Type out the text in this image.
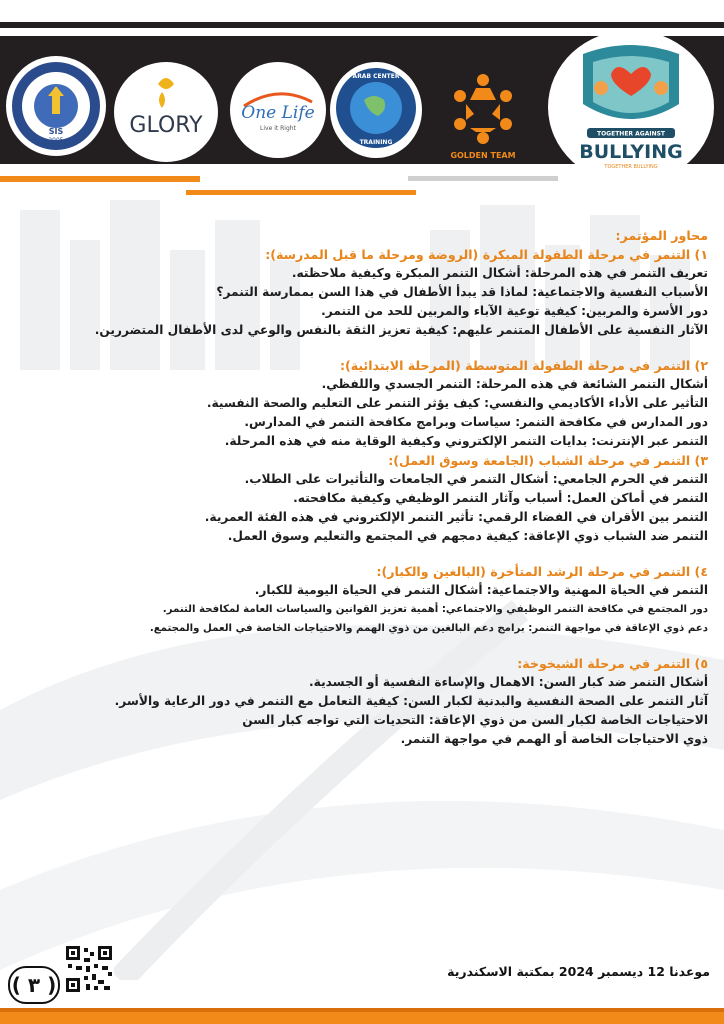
SIS
2005
GLORY One Life
Live it Right
ARAB CENTER
TRAINING
GOLDEN TEAM
TOGETHER AGAINST
BULLYING
TOGETHER BULLYING
محاور المؤتمر:
١) التنمر في مرحلة الطفولة المبكرة (الروضة ومرحلة ما قبل المدرسة):
تعريف التنمر في هذه المرحلة: أشكال التنمر المبكرة وكيفية ملاحظته.
الأسباب النفسية والاجتماعية: لماذا قد يبدأ الأطفال في هذا السن بممارسة التنمر؟
دور الأسرة والمربين: كيفية توعية الآباء والمربين للحد من التنمر.
الآثار النفسية على الأطفال المتنمر عليهم: كيفية تعزيز الثقة بالنفس والوعي لدى الأطفال المتضررين.
٢) التنمر في مرحلة الطفولة المتوسطة (المرحلة الابتدائية):
أشكال التنمر الشائعة في هذه المرحلة: التنمر الجسدي واللفظي.
التأثير على الأداء الأكاديمي والنفسي: كيف يؤثر التنمر على التعليم والصحة النفسية.
دور المدارس في مكافحة التنمر: سياسات وبرامج مكافحة التنمر في المدارس.
التنمر عبر الإنترنت: بدايات التنمر الإلكتروني وكيفية الوقاية منه في هذه المرحلة.
٣) التنمر في مرحلة الشباب (الجامعة وسوق العمل):
التنمر في الحرم الجامعي: أشكال التنمر في الجامعات والتأثيرات على الطلاب.
التنمر في أماكن العمل: أسباب وآثار التنمر الوظيفي وكيفية مكافحته.
التنمر بين الأقران في الفضاء الرقمي: تأثير التنمر الإلكتروني في هذه الفئة العمرية.
التنمر ضد الشباب ذوي الإعاقة: كيفية دمجهم في المجتمع والتعليم وسوق العمل.
٤) التنمر في مرحلة الرشد المتأخرة (البالغين والكبار):
التنمر في الحياة المهنية والاجتماعية: أشكال التنمر في الحياة اليومية للكبار.
دور المجتمع في مكافحة التنمر الوظيفي والاجتماعي: أهمية تعزيز القوانين والسياسات العامة لمكافحة التنمر.
دعم ذوي الإعاقة في مواجهة التنمر: برامج دعم البالغين من ذوي الهمم والاحتياجات الخاصة في العمل والمجتمع.
٥) التنمر في مرحلة الشيخوخة:
أشكال التنمر ضد كبار السن: الاهمال والإساءة النفسية أو الجسدية.
آثار التنمر على الصحة النفسية والبدنية لكبار السن: كيفية التعامل مع التنمر في دور الرعاية والأسر.
الاحتياجات الخاصة لكبار السن من ذوي الإعاقة: التحديات التي تواجه كبار السن
ذوي الاحتياجات الخاصة أو الهمم في مواجهة التنمر.
موعدنا 12 ديسمبر 2024 بمكتبة الاسكندرية
( ٣ )
